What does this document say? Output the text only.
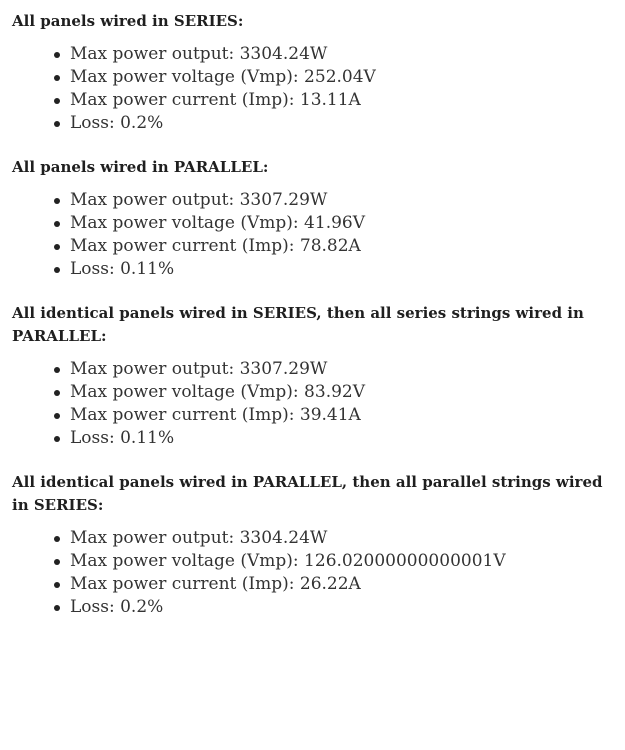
All panels wired in SERIES:
Max power output: 3304.24W
Max power voltage (Vmp): 252.04V
Max power current (Imp): 13.11A
Loss: 0.2%
All panels wired in PARALLEL:
Max power output: 3307.29W
Max power voltage (Vmp): 41.96V
Max power current (Imp): 78.82A
Loss: 0.11%
All identical panels wired in SERIES, then all series strings wired in PARALLEL:
Max power output: 3307.29W
Max power voltage (Vmp): 83.92V
Max power current (Imp): 39.41A
Loss: 0.11%
All identical panels wired in PARALLEL, then all parallel strings wired in SERIES:
Max power output: 3304.24W
Max power voltage (Vmp): 126.02000000000001V
Max power current (Imp): 26.22A
Loss: 0.2%
